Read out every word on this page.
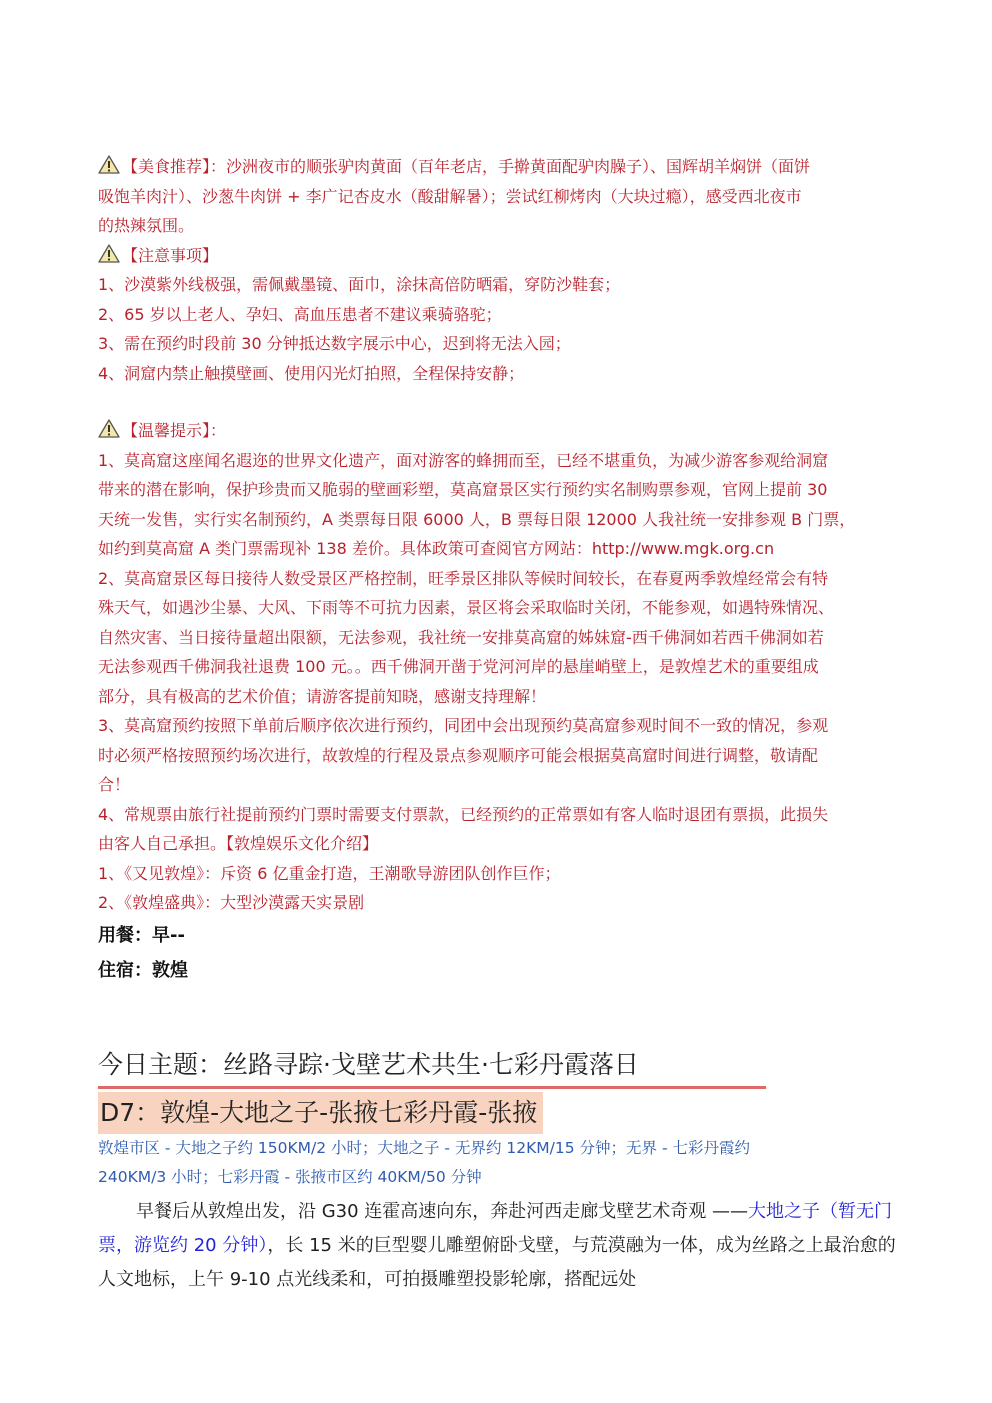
【美食推荐】：沙洲夜市的顺张驴肉黄面（百年老店，手擀黄面配驴肉臊子）、国辉胡羊焖饼（面饼

吸饱羊肉汁）、沙葱牛肉饼 + 李广记杏皮水（酸甜解暑）；尝试红柳烤肉（大块过瘾），感受西北夜市

的热辣氛围。

【注意事项】

1、沙漠紫外线极强，需佩戴墨镜、面巾，涂抹高倍防晒霜，穿防沙鞋套；

2、65 岁以上老人、孕妇、高血压患者不建议乘骑骆驼；

3、需在预约时段前 30 分钟抵达数字展示中心，迟到将无法入园；

4、洞窟内禁止触摸壁画、使用闪光灯拍照，全程保持安静；

【温馨提示】：

1、莫高窟这座闻名遐迩的世界文化遗产，面对游客的蜂拥而至，已经不堪重负，为减少游客参观给洞窟

带来的潜在影响，保护珍贵而又脆弱的壁画彩塑，莫高窟景区实行预约实名制购票参观，官网上提前 30

天统一发售，实行实名制预约，A 类票每日限 6000 人，B 票每日限 12000 人我社统一安排参观 B 门票，

如约到莫高窟 A 类门票需现补 138 差价。具体政策可查阅官方网站：http://www.mgk.org.cn

2、莫高窟景区每日接待人数受景区严格控制，旺季景区排队等候时间较长，在春夏两季敦煌经常会有特

殊天气，如遇沙尘暴、大风、下雨等不可抗力因素，景区将会采取临时关闭，不能参观，如遇特殊情况、

自然灾害、当日接待量超出限额，无法参观，我社统一安排莫高窟的姊妹窟-西千佛洞如若西千佛洞如若

无法参观西千佛洞我社退费 100 元。。西千佛洞开凿于党河河岸的悬崖峭壁上，是敦煌艺术的重要组成

部分，具有极高的艺术价值；请游客提前知晓，感谢支持理解！

3、莫高窟预约按照下单前后顺序依次进行预约，同团中会出现预约莫高窟参观时间不一致的情况，参观

时必须严格按照预约场次进行，故敦煌的行程及景点参观顺序可能会根据莫高窟时间进行调整，敬请配

合！

4、常规票由旅行社提前预约门票时需要支付票款，已经预约的正常票如有客人临时退团有票损，此损失

由客人自己承担。【敦煌娱乐文化介绍】

1、《又见敦煌》：斥资 6 亿重金打造，王潮歌导游团队创作巨作；

2、《敦煌盛典》：大型沙漠露天实景剧

用餐：早--

住宿：敦煌

今日主题：丝路寻踪·戈壁艺术共生·七彩丹霞落日
D7：敦煌-大地之子-张掖七彩丹霞-张掖
敦煌市区 - 大地之子约 150KM/2 小时；大地之子 - 无界约 12KM/15 分钟；无界 - 七彩丹霞约
240KM/3 小时；七彩丹霞 - 张掖市区约 40KM/50 分钟
早餐后从敦煌出发，沿 G30 连霍高速向东，奔赴河西走廊戈壁艺术奇观 ——大地之子（暂无门票，游览约 20 分钟），长 15 米的巨型婴儿雕塑俯卧戈壁，与荒漠融为一体，成为丝路之上最治愈的人文地标，上午 9-10 点光线柔和，可拍摄雕塑投影轮廓，搭配远处
